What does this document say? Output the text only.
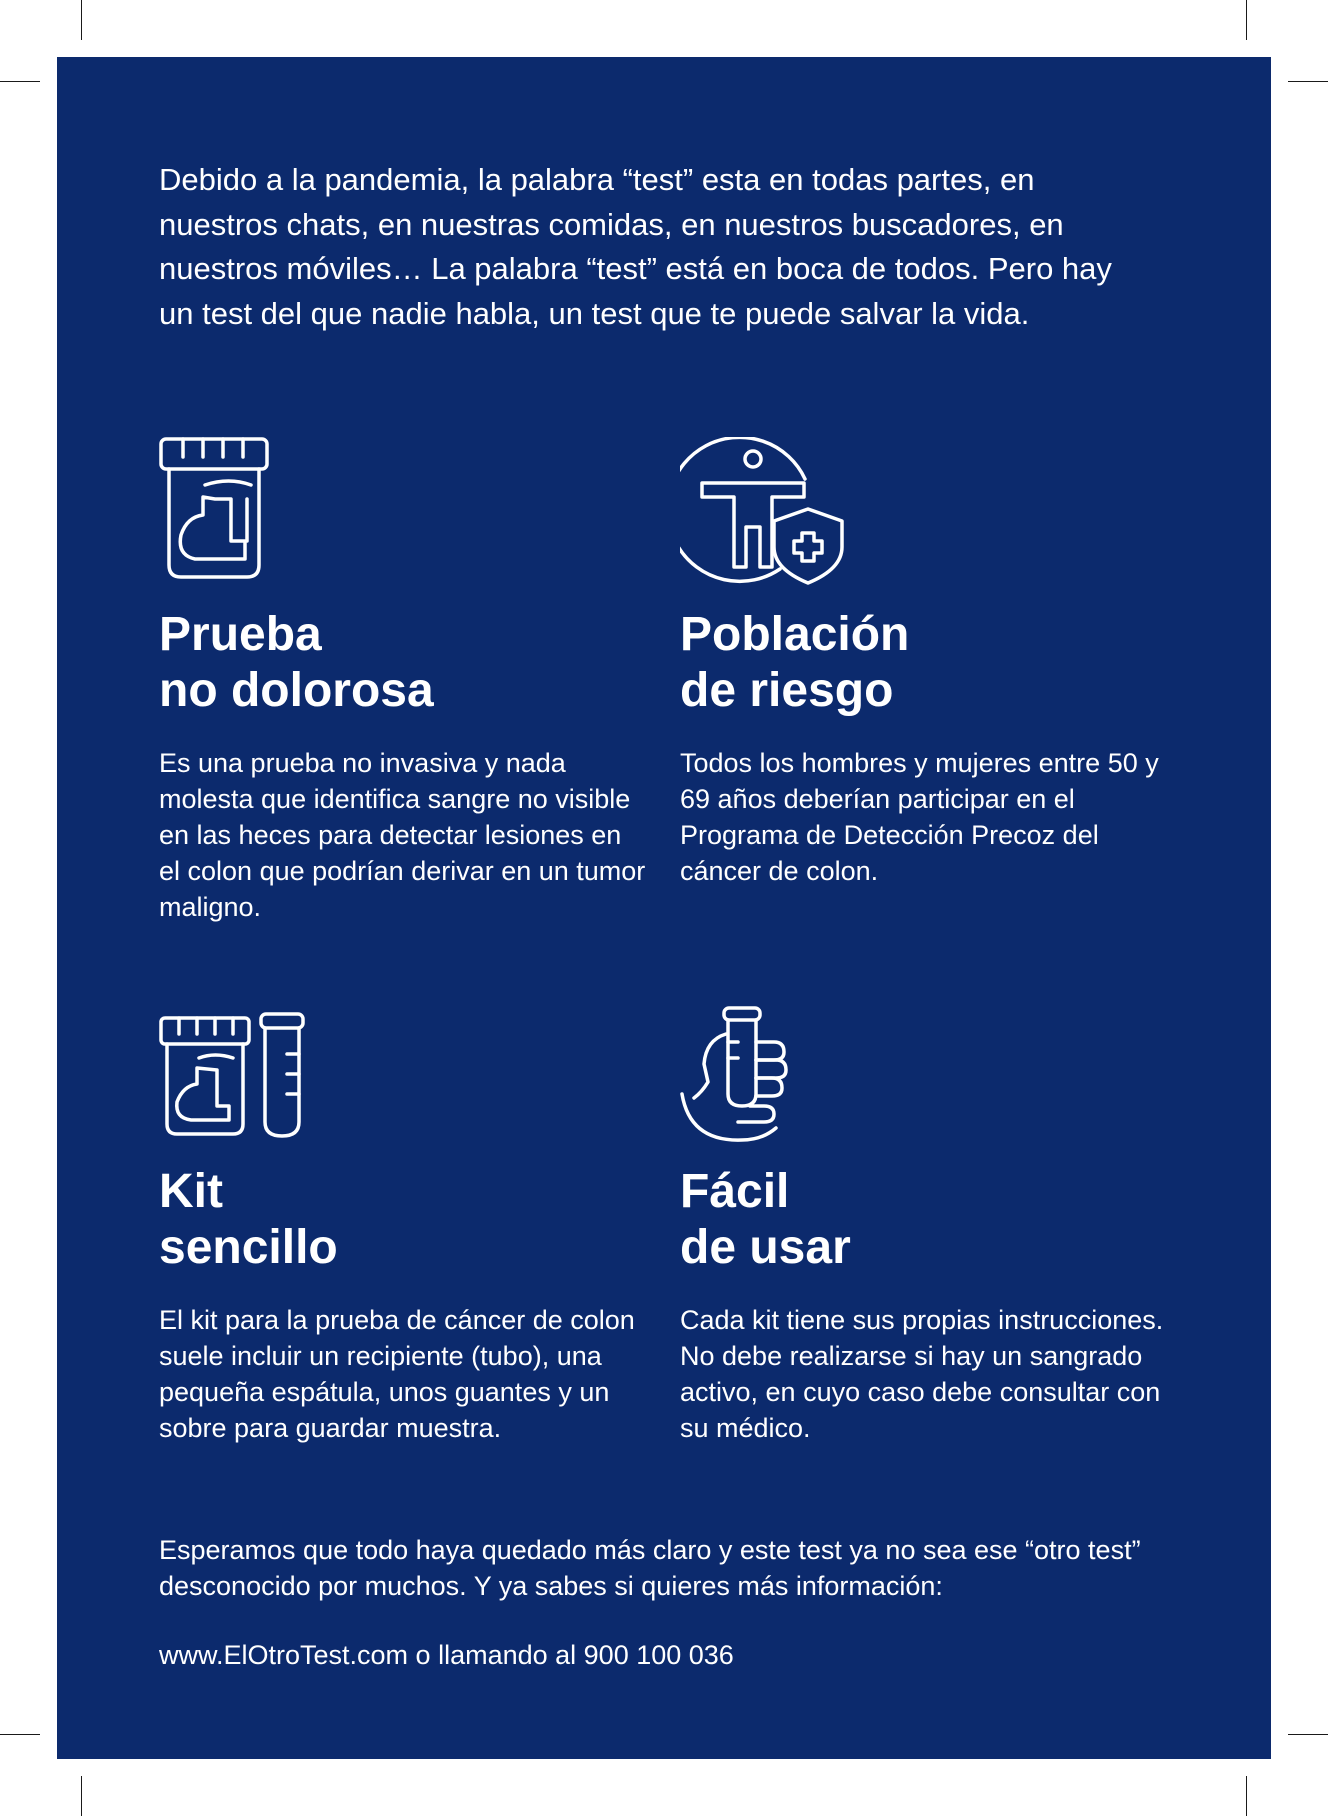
Debido a la pandemia, la palabra “test” esta en todas partes, en nuestros chats, en nuestras comidas, en nuestros buscadores, en nuestros móviles… La palabra “test” está en boca de todos. Pero hay un test del que nadie habla, un test que te puede salvar la vida.

Prueba
no dolorosa

Es una prueba no invasiva y nada molesta que identifica sangre no visible en las heces para detectar lesiones en el colon que podrían derivar en un tumor maligno.

Población
de riesgo

Todos los hombres y mujeres entre 50 y 69 años deberían participar en el Programa de Detección Precoz del cáncer de colon.

Kit
sencillo

El kit para la prueba de cáncer de colon suele incluir un recipiente (tubo), una pequeña espátula, unos guantes y un sobre para guardar muestra.

Fácil
de usar

Cada kit tiene sus propias instrucciones. No debe realizarse si hay un sangrado activo, en cuyo caso debe consultar con su médico.

Esperamos que todo haya quedado más claro y este test ya no sea ese “otro test” desconocido por muchos. Y ya sabes si quieres más información:

www.ElOtroTest.com o llamando al 900 100 036
